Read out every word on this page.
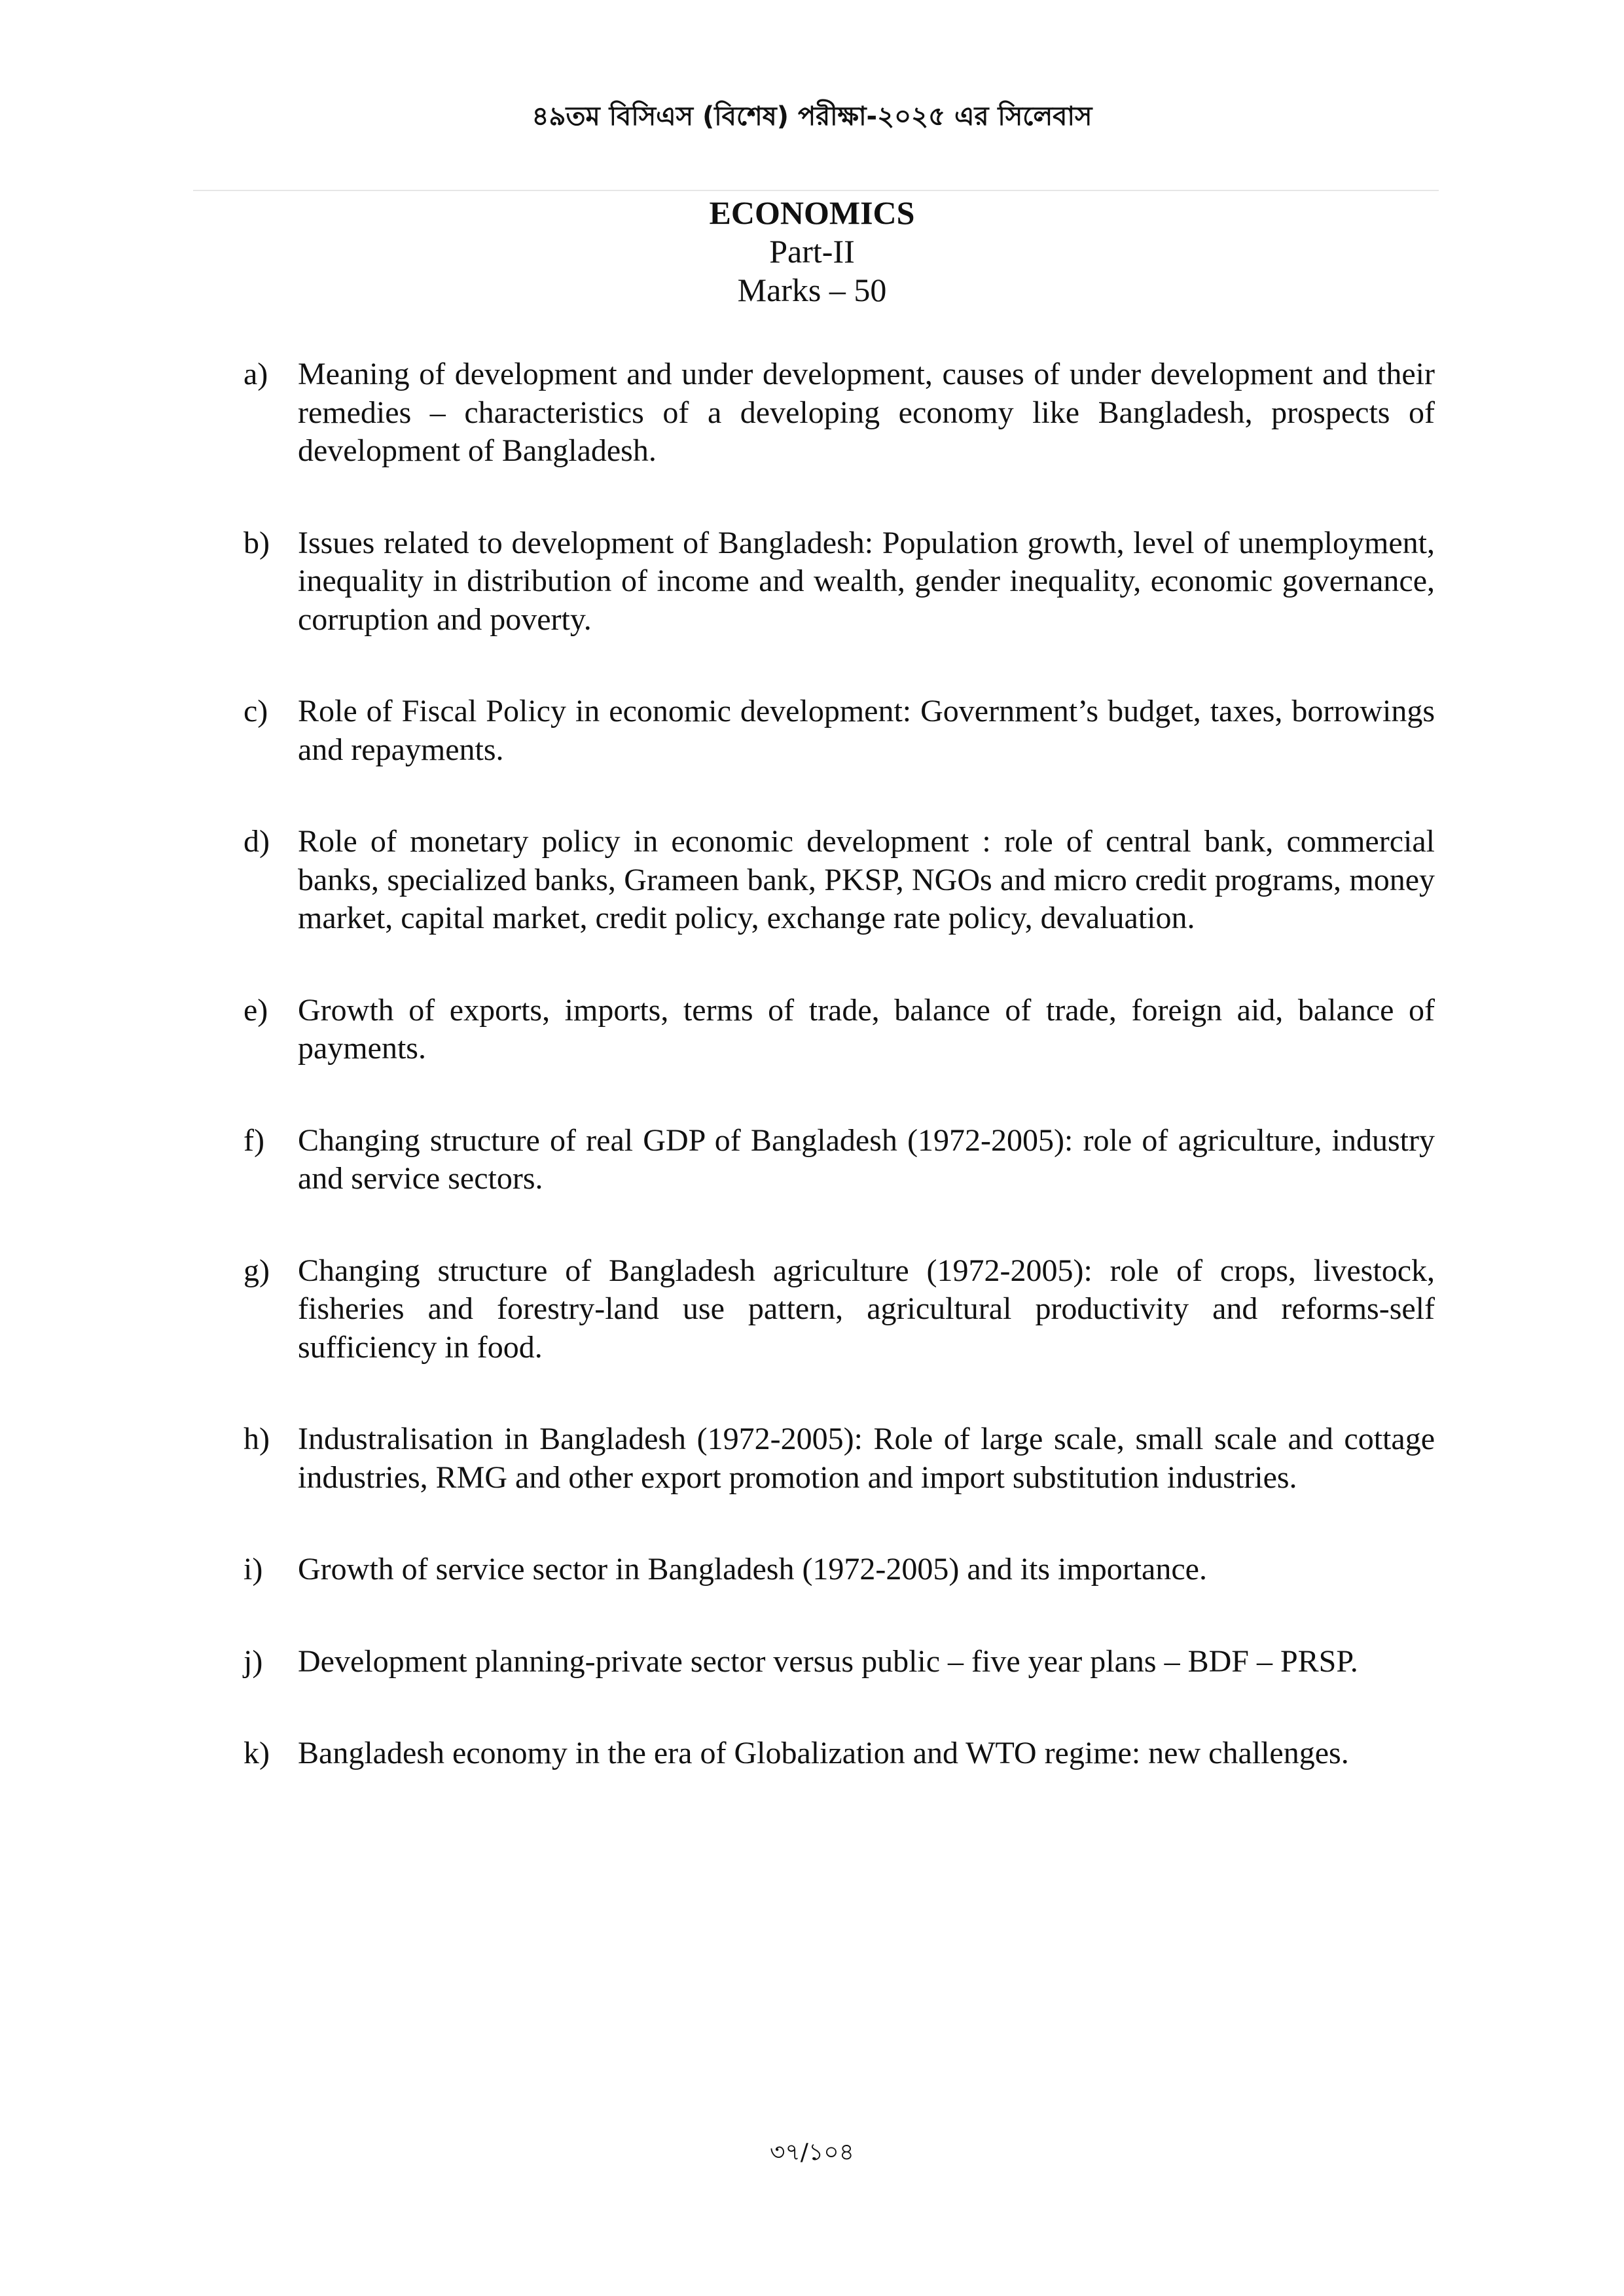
৪৯তম বিসিএস (বিশেষ) পরীক্ষা-২০২৫ এর সিলেবাস
ECONOMICS
Part-II
Marks – 50
a) Meaning of development and under development, causes of under development and their remedies – characteristics of a developing economy like Bangladesh, prospects of development of Bangladesh.
b) Issues related to development of Bangladesh: Population growth, level of unemployment, inequality in distribution of income and wealth, gender inequality, economic governance, corruption and poverty.
c) Role of Fiscal Policy in economic development: Government’s budget, taxes, borrowings and repayments.
d) Role of monetary policy in economic development : role of central bank, commercial banks, specialized banks, Grameen bank, PKSP, NGOs and micro credit programs, money market, capital market, credit policy, exchange rate policy, devaluation.
e) Growth of exports, imports, terms of trade, balance of trade, foreign aid, balance of payments.
f) Changing structure of real GDP of Bangladesh (1972-2005): role of agriculture, industry and service sectors.
g) Changing structure of Bangladesh agriculture (1972-2005): role of crops, livestock, fisheries and forestry-land use pattern, agricultural productivity and reforms-self sufficiency in food.
h) Industralisation in Bangladesh (1972-2005): Role of large scale, small scale and cottage industries, RMG and other export promotion and import substitution industries.
i) Growth of service sector in Bangladesh (1972-2005) and its importance.
j) Development planning-private sector versus public – five year plans – BDF – PRSP.
k) Bangladesh economy in the era of Globalization and WTO regime: new challenges.
৩৭/১০৪
